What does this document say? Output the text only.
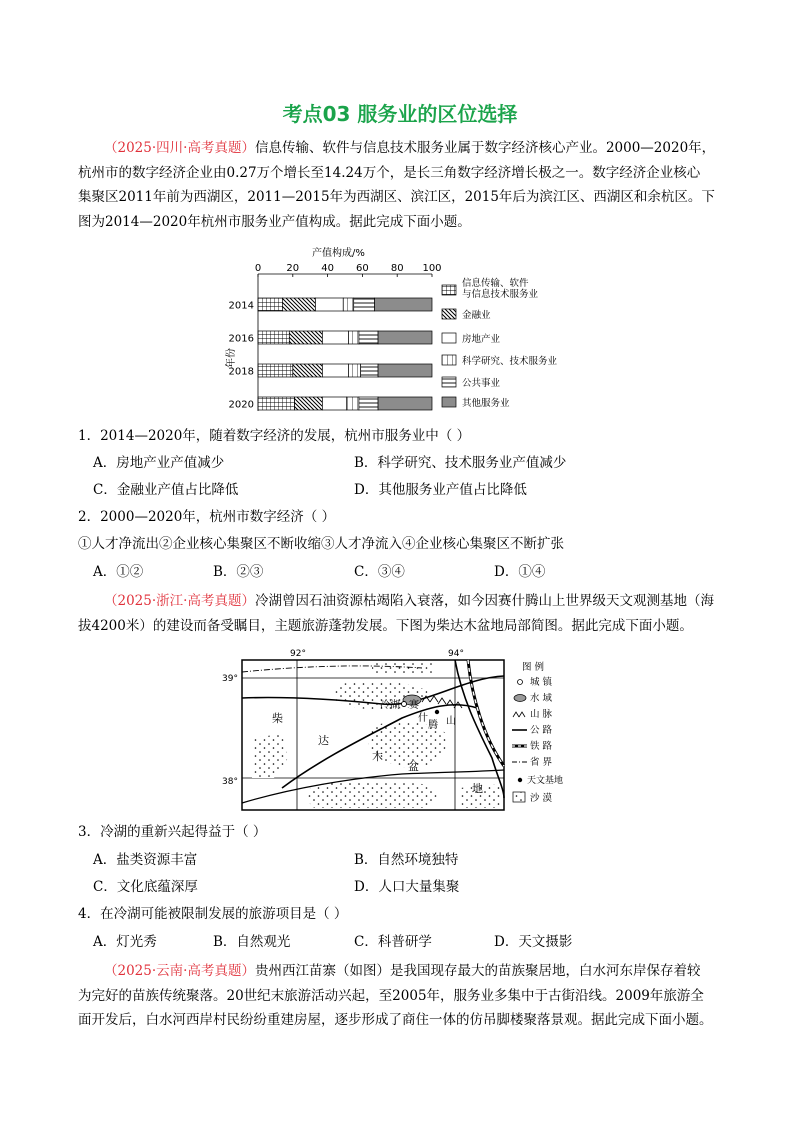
考点03 服务业的区位选择
（2025·四川·高考真题）信息传输、软件与信息技术服务业属于数字经济核心产业。2000—2020年，
杭州市的数字经济企业由0.27万个增长至14.24万个，是长三角数字经济增长极之一。数字经济企业核心
集聚区2011年前为西湖区，2011—2015年为西湖区、滨江区，2015年后为滨江区、西湖区和余杭区。下
图为2014—2020年杭州市服务业产值构成。据此完成下面小题。
产值构成/%
0	20 40 60 80 100
2014
2016
2018
2020
年份
信息传输、软件与信息技术服务业
金融业
房地产业
科学研究、技术服务业
公共事业
其他服务业
1．2014—2020年，随着数字经济的发展，杭州市服务业中（ ）
A．房地产业产值减少	B．科学研究、技术服务业产值减少
C．金融业产值占比降低	D．其他服务业产值占比降低
2．2000—2020年，杭州市数字经济（ ）
①人才净流出②企业核心集聚区不断收缩③人才净流入④企业核心集聚区不断扩张
A．①②	B．②③	C．③④	D．①④
（2025·浙江·高考真题）冷湖曾因石油资源枯竭陷入衰落，如今因赛什腾山上世界级天文观测基地（海
拔4200米）的建设而备受瞩目，主题旅游蓬勃发展。下图为柴达木盆地局部简图。据此完成下面小题。
92°	94°
39°
38°
冷湖 赛
什
腾 山
柴
达
木
盆
地
图 例
城 镇
水 域
山 脉
公 路
铁 路
省 界
天文基地
沙 漠
3．冷湖的重新兴起得益于（ ）
A．盐类资源丰富	B．自然环境独特
C．文化底蕴深厚	D．人口大量集聚
4．在冷湖可能被限制发展的旅游项目是（ ）
A．灯光秀	B．自然观光	C．科普研学	D．天文摄影
（2025·云南·高考真题）贵州西江苗寨（如图）是我国现存最大的苗族聚居地，白水河东岸保存着较
为完好的苗族传统聚落。20世纪末旅游活动兴起，至2005年，服务业多集中于古街沿线。2009年旅游全
面开发后，白水河西岸村民纷纷重建房屋，逐步形成了商住一体的仿吊脚楼聚落景观。据此完成下面小题。
